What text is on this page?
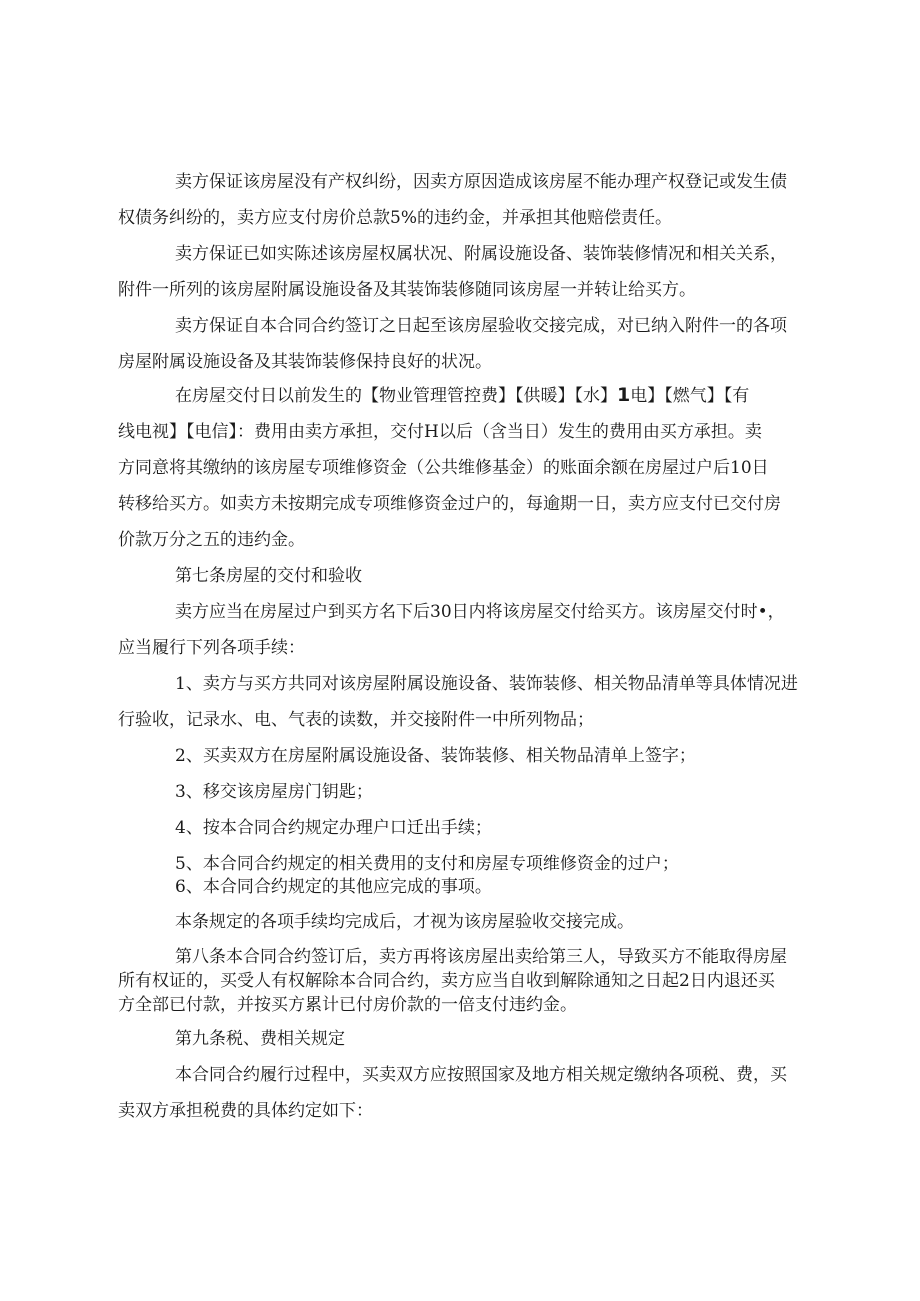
卖方保证该房屋没有产权纠纷，因卖方原因造成该房屋不能办理产权登记或发生债
权债务纠纷的，卖方应支付房价总款5%的违约金，并承担其他赔偿责任。
卖方保证已如实陈述该房屋权属状况、附属设施设备、装饰装修情况和相关关系，
附件一所列的该房屋附属设施设备及其装饰装修随同该房屋一并转让给买方。
卖方保证自本合同合约签订之日起至该房屋验收交接完成，对已纳入附件一的各项
房屋附属设施设备及其装饰装修保持良好的状况。
在房屋交付日以前发生的【物业管理管控费】【供暖】【水】1电】【燃气】【有
线电视】【电信】：费用由卖方承担，交付H以后（含当日）发生的费用由买方承担。卖
方同意将其缴纳的该房屋专项维修资金（公共维修基金）的账面余额在房屋过户后10日
转移给买方。如卖方未按期完成专项维修资金过户的，每逾期一日，卖方应支付已交付房
价款万分之五的违约金。
第七条房屋的交付和验收
卖方应当在房屋过户到买方名下后30日内将该房屋交付给买方。该房屋交付时•，
应当履行下列各项手续：
1、卖方与买方共同对该房屋附属设施设备、装饰装修、相关物品清单等具体情况进
行验收，记录水、电、气表的读数，并交接附件一中所列物品；
2、买卖双方在房屋附属设施设备、装饰装修、相关物品清单上签字；
3、移交该房屋房门钥匙；
4、按本合同合约规定办理户口迁出手续；
5、本合同合约规定的相关费用的支付和房屋专项维修资金的过户；
6、本合同合约规定的其他应完成的事项。
本条规定的各项手续均完成后，才视为该房屋验收交接完成。
第八条本合同合约签订后，卖方再将该房屋出卖给第三人，导致买方不能取得房屋
所有权证的，买受人有权解除本合同合约，卖方应当自收到解除通知之日起2日内退还买
方全部已付款，并按买方累计已付房价款的一倍支付违约金。
第九条税、费相关规定
本合同合约履行过程中，买卖双方应按照国家及地方相关规定缴纳各项税、费，买
卖双方承担税费的具体约定如下：
